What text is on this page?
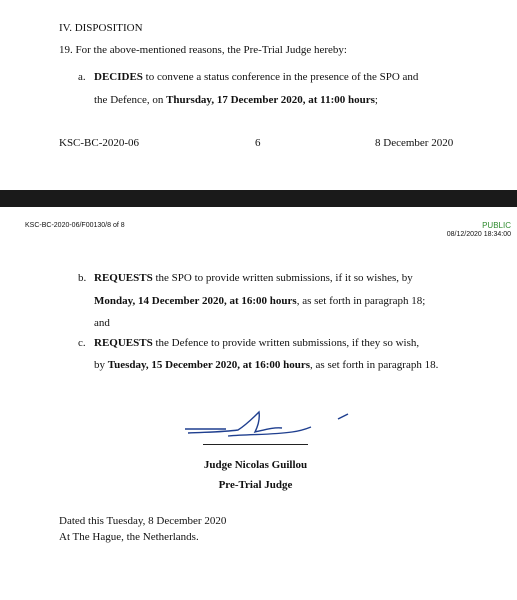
IV. DISPOSITION
19. For the above-mentioned reasons, the Pre-Trial Judge hereby:
a. DECIDES to convene a status conference in the presence of the SPO and
the Defence, on Thursday, 17 December 2020, at 11:00 hours;
KSC-BC-2020-06	6	8 December 2020
KSC-BC-2020-06/F00130/8 of 8	PUBLIC
08/12/2020 18:34:00
b. REQUESTS the SPO to provide written submissions, if it so wishes, by
Monday, 14 December 2020, at 16:00 hours, as set forth in paragraph 18;
and
c. REQUESTS the Defence to provide written submissions, if they so wish,
by Tuesday, 15 December 2020, at 16:00 hours, as set forth in paragraph 18.
Judge Nicolas Guillou
Pre-Trial Judge
Dated this Tuesday, 8 December 2020
At The Hague, the Netherlands.
